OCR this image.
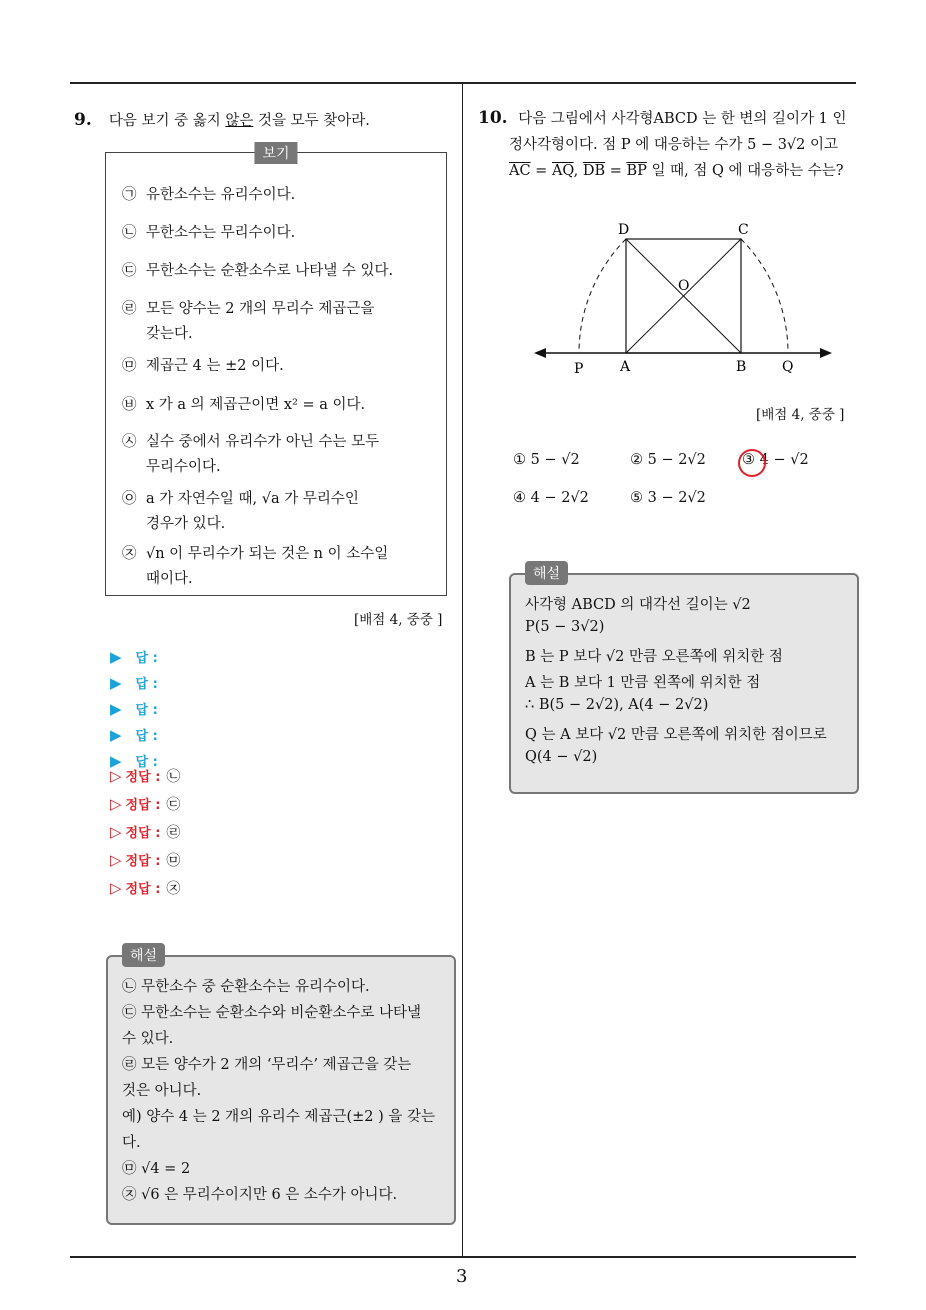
3
9. 다음 보기 중 옳지 않은 것을 모두 찾아라.
보기
㉠ 유한소수는 유리수이다.
㉡ 무한소수는 무리수이다.
㉢ 무한소수는 순환소수로 나타낼 수 있다.
㉣ 모든 양수는 2 개의 무리수 제곱근을
갖는다.
㉤ 제곱근 4 는 ±2 이다.
㉥ x 가 a 의 제곱근이면 x² = a 이다.
㉦ 실수 중에서 유리수가 아닌 수는 모두
무리수이다.
㉧ a 가 자연수일 때, √a 가 무리수인
경우가 있다.
㉨ √n 이 무리수가 되는 것은 n 이 소수일
때이다.
[배점 4, 중중 ]
▶ 답 :
▶ 답 :
▶ 답 :
▶ 답 :
▶ 답 :
▷ 정답 : ㉡
▷ 정답 : ㉢
▷ 정답 : ㉣
▷ 정답 : ㉤
▷ 정답 : ㉨
해설
㉡ 무한소수 중 순환소수는 유리수이다.
㉢ 무한소수는 순환소수와 비순환소수로 나타낼
수 있다.
㉣ 모든 양수가 2 개의 ‘무리수’ 제곱근을 갖는
것은 아니다.
예) 양수 4 는 2 개의 유리수 제곱근(±2 ) 을 갖는
다.
㉤ √4 = 2
㉨ √6 은 무리수이지만 6 은 소수가 아니다.
10. 다음 그림에서 사각형ABCD 는 한 변의 길이가 1 인
정사각형이다. 점 P 에 대응하는 수가 5 − 3√2 이고
$\overline{AC} = \overline{AQ}$, $\overline{DB} = \overline{BP}$ 일 때, 점 Q 에 대응하는 수는?
D	C
O
P	A	B	Q
[배점 4, 중중 ]
① 5 − √2	② 5 − 2√2 ③ 4 − √2
④ 4 − 2√2	⑤ 3 − 2√2
해설
사각형 ABCD 의 대각선 길이는 √2
P(5 − 3√2)
B 는 P 보다 √2 만큼 오른쪽에 위치한 점
A 는 B 보다 1 만큼 왼쪽에 위치한 점
∴ B(5 − 2√2), A(4 − 2√2)
Q 는 A 보다 √2 만큼 오른쪽에 위치한 점이므로
Q(4 − √2)
